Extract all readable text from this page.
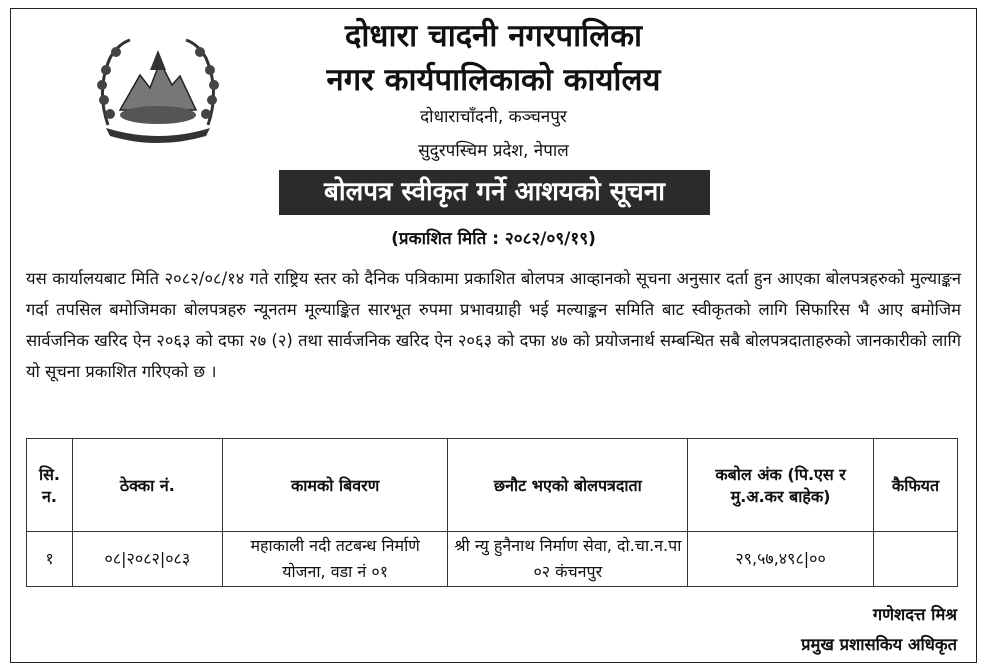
दोधारा चादनी नगरपालिका
नगर कार्यपालिकाको कार्यालय
दोधाराचाँदनी, कञ्चनपुर
सुदुरपस्चिम प्रदेश, नेपाल
बोलपत्र स्वीकृत गर्ने आशयको सूचना
(प्रकाशित मिति : २०८२/०९/१९)
यस कार्यालयबाट मिति २०८२/०८/१४ गते राष्ट्रिय स्तर को दैनिक पत्रिकामा प्रकाशित बोलपत्र आव्हानको सूचना अनुसार दर्ता हुन आएका बोलपत्रहरुको मुल्याङ्कन गर्दा तपसिल बमोजिमका बोलपत्रहरु न्यूनतम मूल्याङ्कित सारभूत रुपमा प्रभावग्राही भई मल्याङ्कन समिति बाट स्वीकृतको लागि सिफारिस भै आए बमोजिम सार्वजनिक खरिद ऐन २०६३ को दफा २७ (२) तथा सार्वजनिक खरिद ऐन २०६३ को दफा ४७ को प्रयोजनार्थ सम्बन्धित सबै बोलपत्रदाताहरुको जानकारीको लागि यो सूचना प्रकाशित गरिएको छ ।
सि. न.	ठेक्का नं.	कामको बिवरण	छनौट भएको बोलपत्रदाता	कबोल अंक (पि.एस र मु.अ.कर बाहेक)	कैफियत
१	०८|२०८२|०८३	महाकाली नदी तटबन्ध निर्माणे योजना, वडा नं ०१	श्री न्यु हुनैनाथ निर्माण सेवा, दो.चा.न.पा ०२ कंचनपुर	२९,५७,४९८|००	
गणेशदत्त मिश्र
प्रमुख प्रशासकिय अधिकृत
